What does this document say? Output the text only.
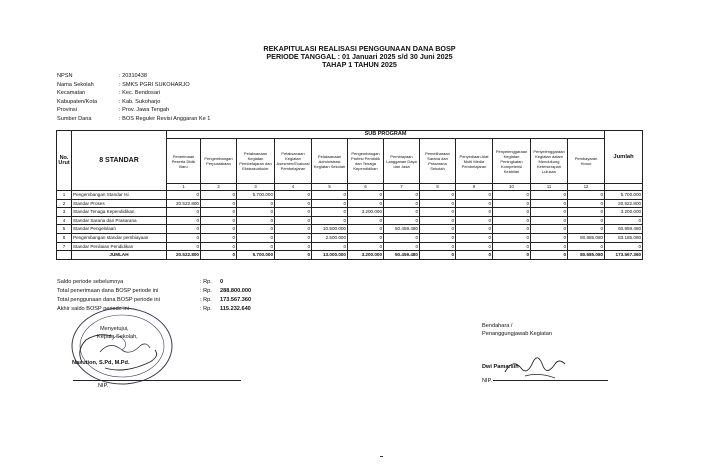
REKAPITULASI REALISASI PENGGUNAAN DANA BOSP
PERIODE TANGGAL : 01 Januari 2025 s/d 30 Juni 2025
TAHAP 1 TAHUN 2025
NPSN	: 20310438
Nama Sekolah	: SMKS PGRI SUKOHARJO
Kecamatan	: Kec. Bendosari
Kabupaten/Kota	: Kab. Sukoharjo
Provinsi	: Prov. Jawa Tengah
Sumber Dana	: BOS Reguler Revisi Anggaran Ke 1
No. Urut	8 STANDAR	SUB PROGRAM												Jumlah
		Penerimaan Peserta Didik Baru	Pengembangan Perpustakaan	Pelaksanaan Kegiatan Pembelajaran dan Ekstrakurikuler	Pelaksanaan Kegiatan Asesmen/Evaluasi Pembelajaran	Pelaksanaan Administrasi Kegiatan Sekolah	Pengembangan Profesi Pendidik dan Tenaga Kependidikan	Pembiayaan Langganan Daya dan Jasa	Pemeliharaan Sarana dan Prasarana Sekolah	Penyediaan Alat Multi Media Pembelajaran	Penyelenggaraan Kegiatan Peningkatan Kompetensi Keahlian	Penyelenggaraan Kegiatan dalam Mendukung Keterserapan Lulusan	Pembayaran Honor	
		1	2	3	4	5	6	7	8	9	10	11	12	
1	Pengembangan Standar Isi	0	0	5.700.000	0	0	0	0	0	0	0	0	0	5.700.000
2	Standar Proses	20.522.800	0	0	0	0	0	0	0	0	0	0	0	20.522.800
3	Standar Tenaga Kependidikan	0	0	0	0	0	3.200.000	0	0	0	0	0	0	3.200.000
4	Standar Sarana dan Prasarana	0	0	0	0	0	0	0	0	0	0	0	0	0
5	Standar Pengelolaan	0	0	0	0	10.500.000	0	50.459.480	0	0	0	0	0	60.959.480
6	Pengembangan standar pembiayaan	0	0	0	0	2.500.000	0	0	0	0	0	0	80.685.080	83.185.080
7	Standar Penilaian Pendidikan	0	0	0	0	0	0	0	0	0	0	0	0	0
	JUMLAH	20.522.800	0	5.700.000	0	13.000.000	3.200.000	50.459.480	0	0	0	0	80.685.080	173.567.360
Saldo periode sebelumnya	: Rp.	0
Total penerimaan dana BOSP periode ini	: Rp.	288.800.000
Total penggunaan dana BOSP periode ini	: Rp.	173.567.360
Akhir saldo BOSP periode ini	: Rp.	115.232.640
Menyetujui,
Kepala Sekolah,
Nasution, S.Pd, M.Pd.
NIP.
Bendahara /
Penanggungjawab Kegiatan
Dwi Pamarsih
NIP.
